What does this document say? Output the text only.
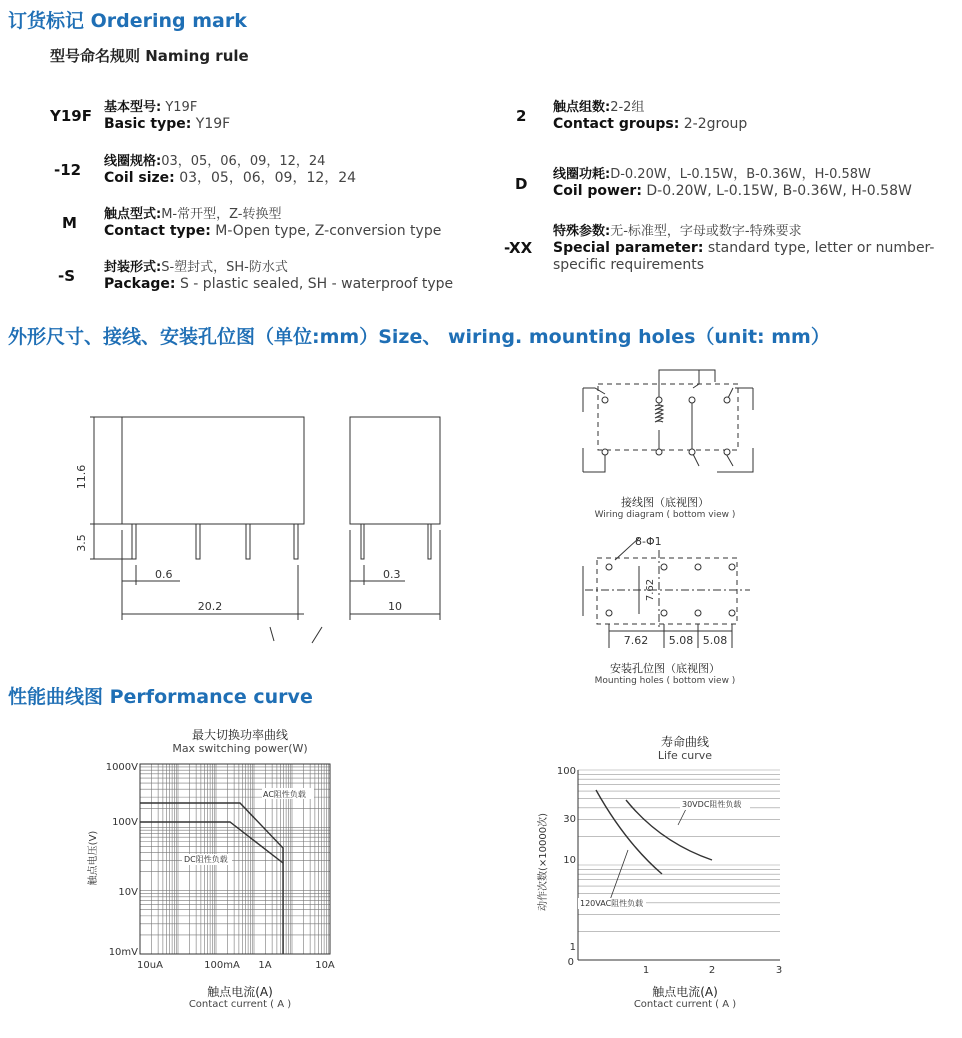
订货标记 Ordering mark
型号命名规则 Naming rule
Y19F 基本型号: Y19F
Basic type: Y19F
-12 线圈规格:03，05，06，09，12，24
Coil size: 03，05，06，09，12，24
M 触点型式:M-常开型，Z-转换型
Contact type: M-Open type, Z-conversion type
-S 封装形式:S-塑封式，SH-防水式
Package: S - plastic sealed, SH - waterproof type
2 触点组数:2-2组
Contact groups: 2-2group
D
线圈功耗:D-0.20W，L-0.15W，B-0.36W，H-0.58W
Coil power: D-0.20W, L-0.15W, B-0.36W, H-0.58W
-XX
特殊参数:无-标准型，字母或数字-特殊要求
Special parameter: standard type, letter or number-
specific requirements
外形尺寸、接线、安装孔位图（单位:mm）Size、 wiring. mounting holes（unit: mm）
11.6
3.5
0.6
20.2
0.3
10
接线图（底视图）
Wiring diagram ( bottom view )
8-Φ1
7.62
7.62 5.08 5.08
安装孔位图（底视图）
Mounting holes ( bottom view )
性能曲线图 Performance curve
最大切换功率曲线
Max switching power(W)
AC阻性负载
DC阻性负载
1000V
100V
10V
10mV
10uA	100mA 1A	10A
触点电压(V)
触点电流(A)
Contact current ( A )
寿命曲线
Life curve
30VDC阻性负载
120VAC阻性负载
100
30
10
1
0
1	2	3
动作次数(×10000次)
触点电流(A)
Contact current ( A )
